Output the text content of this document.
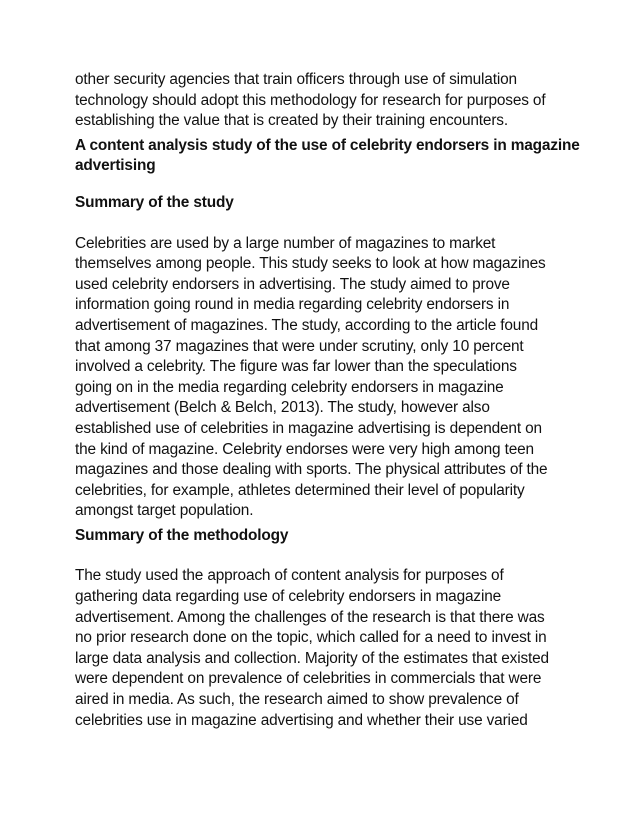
other security agencies that train officers through use of simulation
technology should adopt this methodology for research for purposes of
establishing the value that is created by their training encounters.

A content analysis study of the use of celebrity endorsers in magazine
advertising

Summary of the study

Celebrities are used by a large number of magazines to market
themselves among people. This study seeks to look at how magazines
used celebrity endorsers in advertising. The study aimed to prove
information going round in media regarding celebrity endorsers in
advertisement of magazines. The study, according to the article found
that among 37 magazines that were under scrutiny, only 10 percent
involved a celebrity. The figure was far lower than the speculations
going on in the media regarding celebrity endorsers in magazine
advertisement (Belch & Belch, 2013). The study, however also
established use of celebrities in magazine advertising is dependent on
the kind of magazine. Celebrity endorses were very high among teen
magazines and those dealing with sports. The physical attributes of the
celebrities, for example, athletes determined their level of popularity
amongst target population.

Summary of the methodology

The study used the approach of content analysis for purposes of
gathering data regarding use of celebrity endorsers in magazine
advertisement. Among the challenges of the research is that there was
no prior research done on the topic, which called for a need to invest in
large data analysis and collection. Majority of the estimates that existed
were dependent on prevalence of celebrities in commercials that were
aired in media. As such, the research aimed to show prevalence of
celebrities use in magazine advertising and whether their use varied
